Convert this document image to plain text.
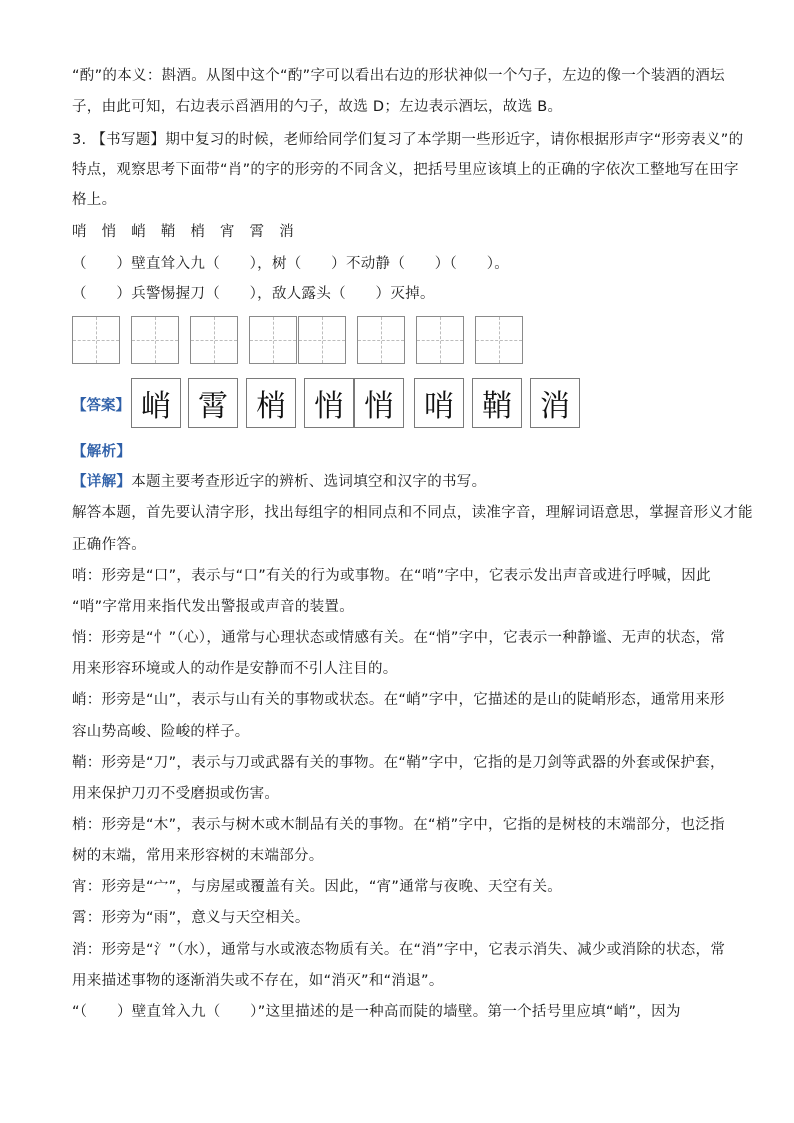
“酌”的本义：斟酒。从图中这个“酌”字可以看出右边的形状神似一个勺子，左边的像一个装酒的酒坛
子，由此可知，右边表示舀酒用的勺子，故选 D；左边表示酒坛，故选 B。
3. 【书写题】期中复习的时候，老师给同学们复习了本学期一些形近字，请你根据形声字“形旁表义”的
特点，观察思考下面带“肖”的字的形旁的不同含义，把括号里应该填上的正确的字依次工整地写在田字
格上。
哨　悄　峭　鞘　梢　宵　霄　消
（　　）壁直耸入九（　　），树（　　）不动静（　　）（　　）。
（　　）兵警惕握刀（　　），敌人露头（　　）灭掉。
【答案】 峭 霄 梢 悄 悄	哨 鞘 消
【解析】
【详解】本题主要考查形近字的辨析、选词填空和汉字的书写。
解答本题，首先要认清字形，找出每组字的相同点和不同点，读准字音，理解词语意思，掌握音形义才能
正确作答。
哨：形旁是“口”，表示与“口”有关的行为或事物。在“哨”字中，它表示发出声音或进行呼喊，因此
“哨”字常用来指代发出警报或声音的装置。
悄：形旁是“忄”（心），通常与心理状态或情感有关。在“悄”字中，它表示一种静谧、无声的状态，常
用来形容环境或人的动作是安静而不引人注目的。
峭：形旁是“山”，表示与山有关的事物或状态。在“峭”字中，它描述的是山的陡峭形态，通常用来形
容山势高峻、险峻的样子。
鞘：形旁是“刀”，表示与刀或武器有关的事物。在“鞘”字中，它指的是刀剑等武器的外套或保护套，
用来保护刀刃不受磨损或伤害。
梢：形旁是“木”，表示与树木或木制品有关的事物。在“梢”字中，它指的是树枝的末端部分，也泛指
树的末端，常用来形容树的末端部分。
宵：形旁是“宀”，与房屋或覆盖有关。因此，“宵”通常与夜晚、天空有关。
霄：形旁为“雨”，意义与天空相关。
消：形旁是“氵”（水），通常与水或液态物质有关。在“消”字中，它表示消失、减少或消除的状态，常
用来描述事物的逐渐消失或不存在，如“消灭”和“消退”。
“（　　）壁直耸入九（　　）”这里描述的是一种高而陡的墙壁。第一个括号里应填“峭”，因为
